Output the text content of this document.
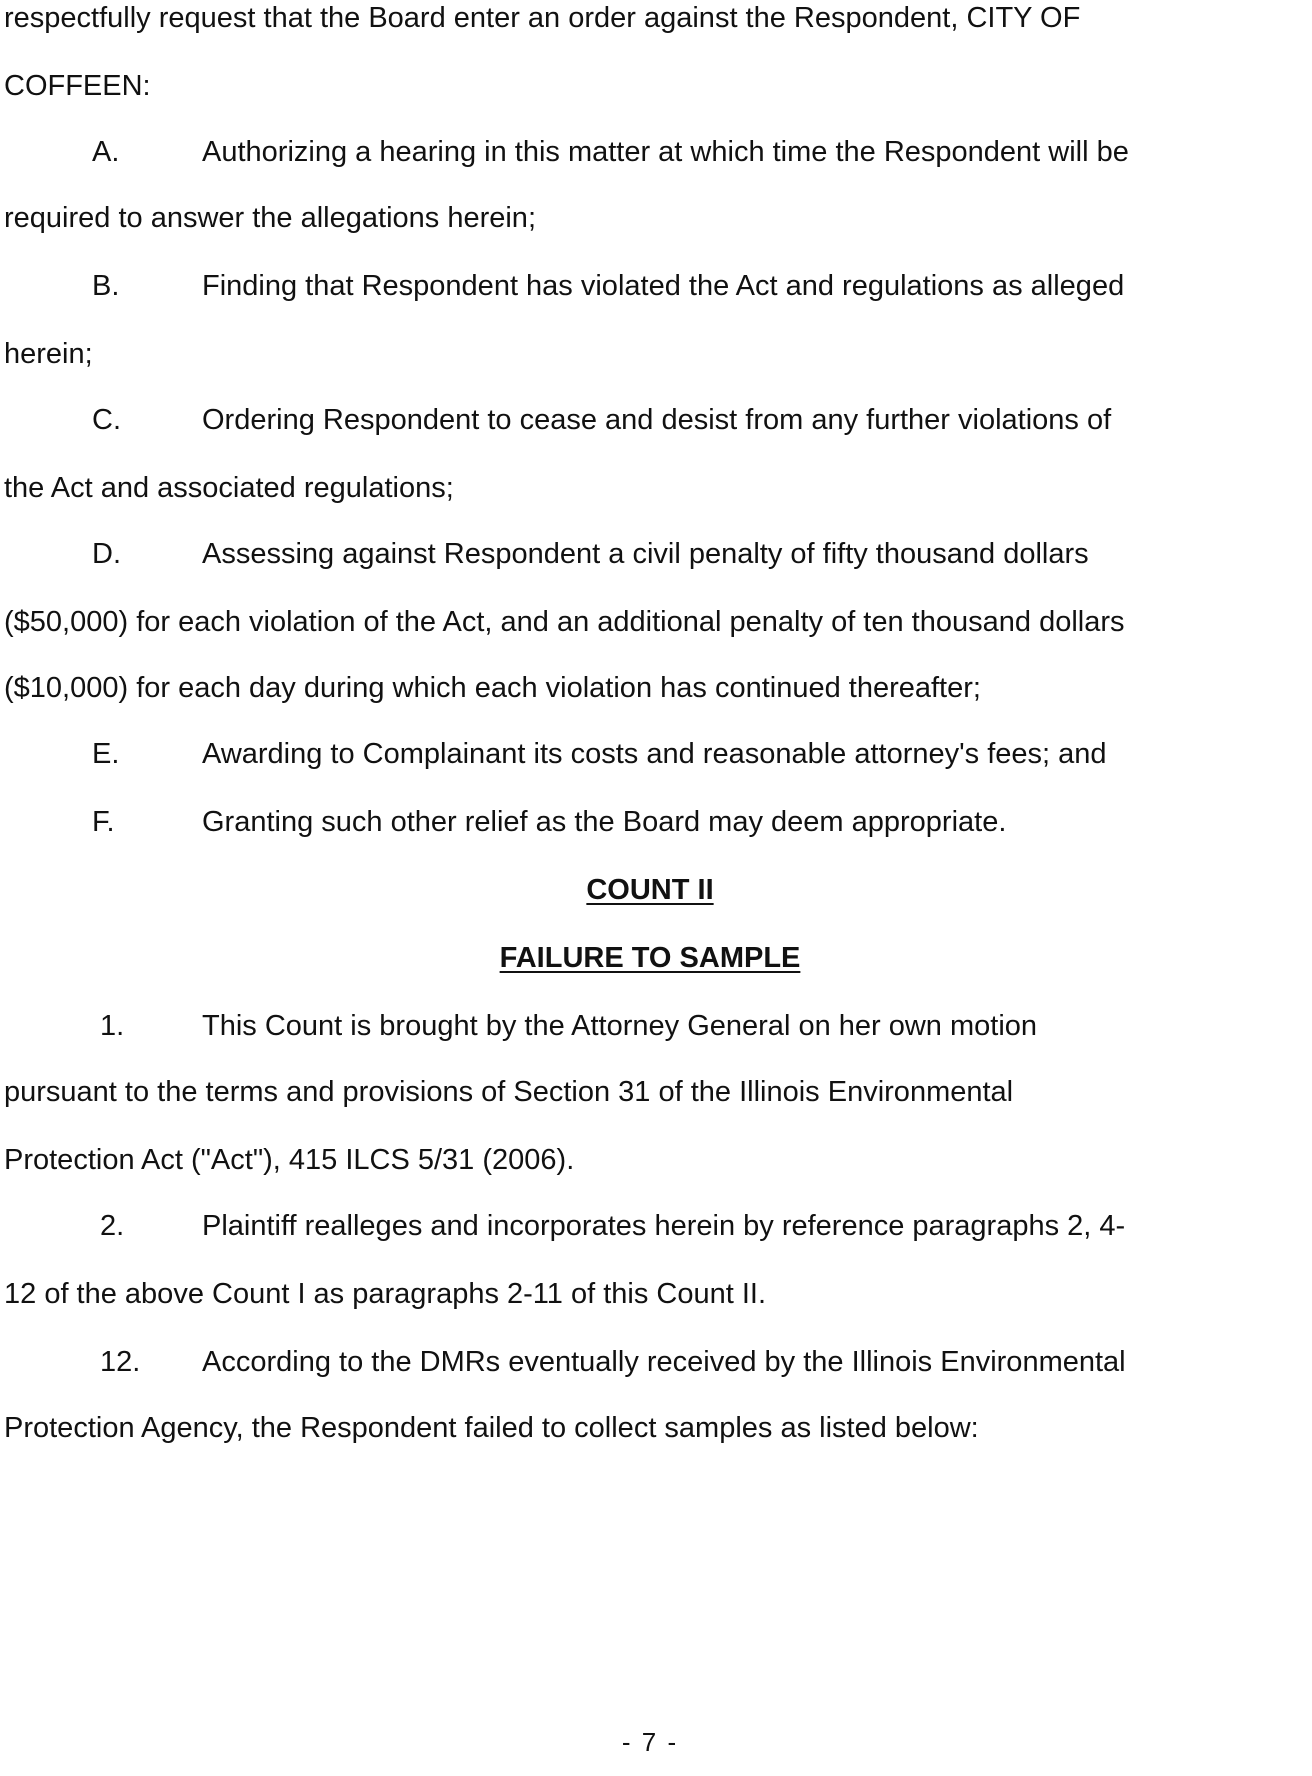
respectfully request that the Board enter an order against the Respondent, CITY OF
COFFEEN:
A.	Authorizing a hearing in this matter at which time the Respondent will be
required to answer the allegations herein;
B.	Finding that Respondent has violated the Act and regulations as alleged
herein;
C.	Ordering Respondent to cease and desist from any further violations of
the Act and associated regulations;
D.	Assessing against Respondent a civil penalty of fifty thousand dollars
($50,000) for each violation of the Act, and an additional penalty of ten thousand dollars
($10,000) for each day during which each violation has continued thereafter;
E.	Awarding to Complainant its costs and reasonable attorney's fees; and
F.	Granting such other relief as the Board may deem appropriate.
COUNT II
FAILURE TO SAMPLE
1.	This Count is brought by the Attorney General on her own motion
pursuant to the terms and provisions of Section 31 of the Illinois Environmental
Protection Act ("Act"), 415 ILCS 5/31 (2006).
2.	Plaintiff realleges and incorporates herein by reference paragraphs 2, 4-
12 of the above Count I as paragraphs 2-11 of this Count II.
12. According to the DMRs eventually received by the Illinois Environmental
Protection Agency, the Respondent failed to collect samples as listed below:
- 7 -
